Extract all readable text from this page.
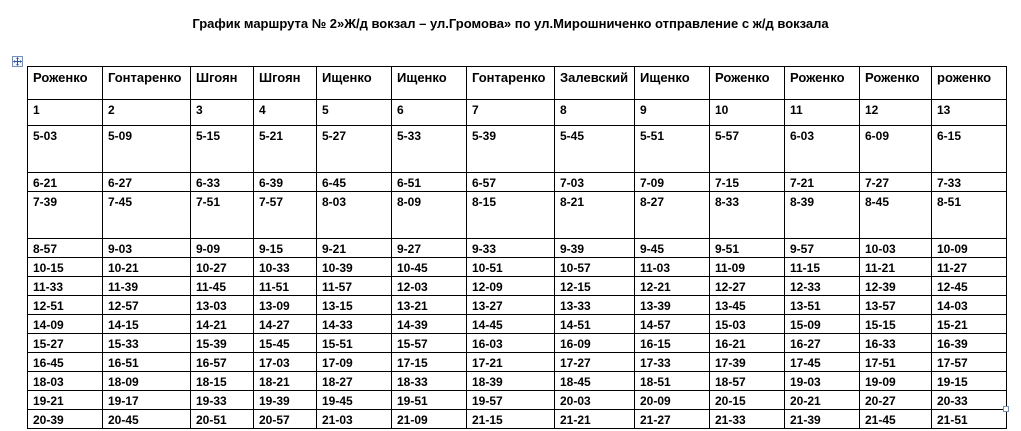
График маршрута № 2»Ж/д вокзал – ул.Громова» по ул.Мирошниченко отправление с ж/д вокзала
Роженко	Гонтаренко	Шгоян	Шгоян	Ищенко	Ищенко	Гонтаренко	Залевский	Ищенко	Роженко	Роженко	Роженко	роженко
1	2	3	4	5	6	7	8	9	10	11	12	13
5-03	5-09	5-15	5-21	5-27	5-33	5-39	5-45	5-51	5-57	6-03	6-09	6-15
6-21	6-27	6-33	6-39	6-45	6-51	6-57	7-03	7-09	7-15	7-21	7-27	7-33
7-39	7-45	7-51	7-57	8-03	8-09	8-15	8-21	8-27	8-33	8-39	8-45	8-51
8-57	9-03	9-09	9-15	9-21	9-27	9-33	9-39	9-45	9-51	9-57	10-03	10-09
10-15	10-21	10-27	10-33	10-39	10-45	10-51	10-57	11-03	11-09	11-15	11-21	11-27
11-33	11-39	11-45	11-51	11-57	12-03	12-09	12-15	12-21	12-27	12-33	12-39	12-45
12-51	12-57	13-03	13-09	13-15	13-21	13-27	13-33	13-39	13-45	13-51	13-57	14-03
14-09	14-15	14-21	14-27	14-33	14-39	14-45	14-51	14-57	15-03	15-09	15-15	15-21
15-27	15-33	15-39	15-45	15-51	15-57	16-03	16-09	16-15	16-21	16-27	16-33	16-39
16-45	16-51	16-57	17-03	17-09	17-15	17-21	17-27	17-33	17-39	17-45	17-51	17-57
18-03	18-09	18-15	18-21	18-27	18-33	18-39	18-45	18-51	18-57	19-03	19-09	19-15
19-21	19-17	19-33	19-39	19-45	19-51	19-57	20-03	20-09	20-15	20-21	20-27	20-33
20-39	20-45	20-51	20-57	21-03	21-09	21-15	21-21	21-27	21-33	21-39	21-45	21-51
